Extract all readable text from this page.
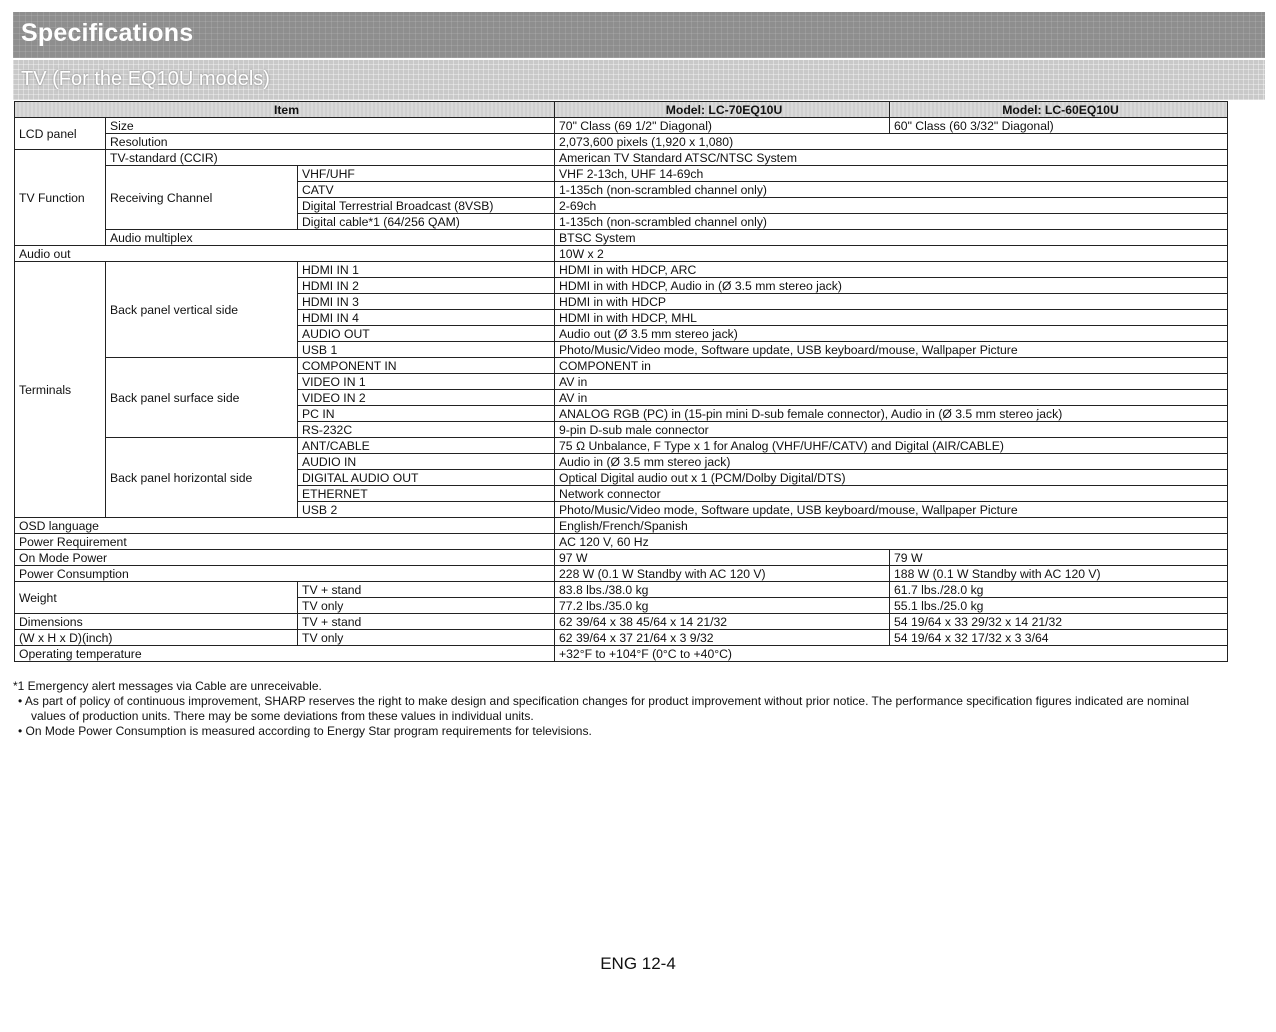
Specifications
TV (For the EQ10U models)
Item			Model: LC-70EQ10U	Model: LC-60EQ10U
LCD panel	Size		70" Class (69 1/2" Diagonal)	60" Class (60 3/32" Diagonal)
	Resolution		2,073,600 pixels (1,920 x 1,080)	
TV Function	TV-standard (CCIR)		American TV Standard ATSC/NTSC System	
	Receiving Channel	VHF/UHF	VHF 2-13ch, UHF 14-69ch	
		CATV	1-135ch (non-scrambled channel only)	
		Digital Terrestrial Broadcast (8VSB)	2-69ch	
		Digital cable*1 (64/256 QAM)	1-135ch (non-scrambled channel only)	
	Audio multiplex		BTSC System	
Audio out			10W x 2	
Terminals	Back panel vertical side	HDMI IN 1	HDMI in with HDCP, ARC	
		HDMI IN 2	HDMI in with HDCP, Audio in (Ø 3.5 mm stereo jack)	
		HDMI IN 3	HDMI in with HDCP	
		HDMI IN 4	HDMI in with HDCP, MHL	
		AUDIO OUT	Audio out (Ø 3.5 mm stereo jack)	
		USB 1	Photo/Music/Video mode, Software update, USB keyboard/mouse, Wallpaper Picture	
	Back panel surface side	COMPONENT IN	COMPONENT in	
		VIDEO IN 1	AV in	
		VIDEO IN 2	AV in	
		PC IN	ANALOG RGB (PC) in (15-pin mini D-sub female connector), Audio in (Ø 3.5 mm stereo jack)	
		RS-232C	9-pin D-sub male connector	
	Back panel horizontal side	ANT/CABLE	75 Ω Unbalance, F Type x 1 for Analog (VHF/UHF/CATV) and Digital (AIR/CABLE)	
		AUDIO IN	Audio in (Ø 3.5 mm stereo jack)	
		DIGITAL AUDIO OUT	Optical Digital audio out x 1 (PCM/Dolby Digital/DTS)	
		ETHERNET	Network connector	
		USB 2	Photo/Music/Video mode, Software update, USB keyboard/mouse, Wallpaper Picture	
OSD language			English/French/Spanish	
Power Requirement			AC 120 V, 60 Hz	
On Mode Power			97 W	79 W
Power Consumption			228 W (0.1 W Standby with AC 120 V)	188 W (0.1 W Standby with AC 120 V)
Weight		TV + stand	83.8 lbs./38.0 kg	61.7 lbs./28.0 kg
		TV only	77.2 lbs./35.0 kg	55.1 lbs./25.0 kg
Dimensions		TV + stand	62 39/64 x 38 45/64 x 14 21/32	54 19/64 x 33 29/32 x 14 21/32
(W x H x D)(inch)		TV only	62 39/64 x 37 21/64 x 3 9/32	54 19/64 x 32 17/32 x 3 3/64
Operating temperature			+32°F to +104°F (0°C to +40°C)	

*1 Emergency alert messages via Cable are unreceivable.

• As part of policy of continuous improvement, SHARP reserves the right to make design and specification changes for product improvement without prior notice. The performance specification figures indicated are nominal values of production units. There may be some deviations from these values in individual units.

• On Mode Power Consumption is measured according to Energy Star program requirements for televisions.

ENG 12-4
